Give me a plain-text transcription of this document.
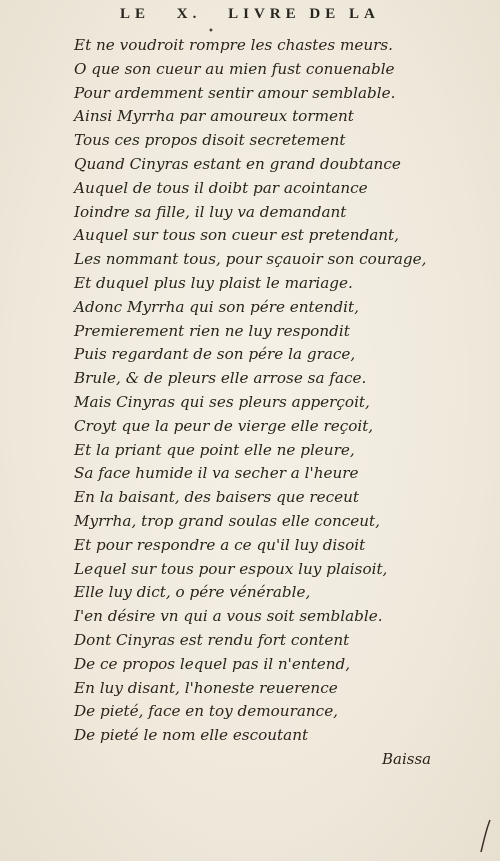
LE X. LIVRE DE LA
•
Et ne voudroit rompre les chastes meurs.
O que son cueur au mien fust conuenable
Pour ardemment sentir amour semblable.
Ainsi Myrrha par amoureux torment
Tous ces propos disoit secretement
Quand Cinyras estant en grand doubtance
Auquel de tous il doibt par acointance
Ioindre sa fille, il luy va demandant
Auquel sur tous son cueur est pretendant,
Les nommant tous, pour sçauoir son courage,
Et duquel plus luy plaist le mariage.
Adonc Myrrha qui son pére entendit,
Premierement rien ne luy respondit
Puis regardant de son pére la grace,
Brule, & de pleurs elle arrose sa face.
Mais Cinyras qui ses pleurs apperçoit,
Croyt que la peur de vierge elle reçoit,
Et la priant que point elle ne pleure,
Sa face humide il va secher a l'heure
En la baisant, des baisers que receut
Myrrha, trop grand soulas elle conceut,
Et pour respondre a ce qu'il luy disoit
Lequel sur tous pour espoux luy plaisoit,
Elle luy dict, o pére vénérable,
I'en désire vn qui a vous soit semblable.
Dont Cinyras est rendu fort content
De ce propos lequel pas il n'entend,
En luy disant, l'honeste reuerence
De pieté, face en toy demourance,
De pieté le nom elle escoutant
Baissa
